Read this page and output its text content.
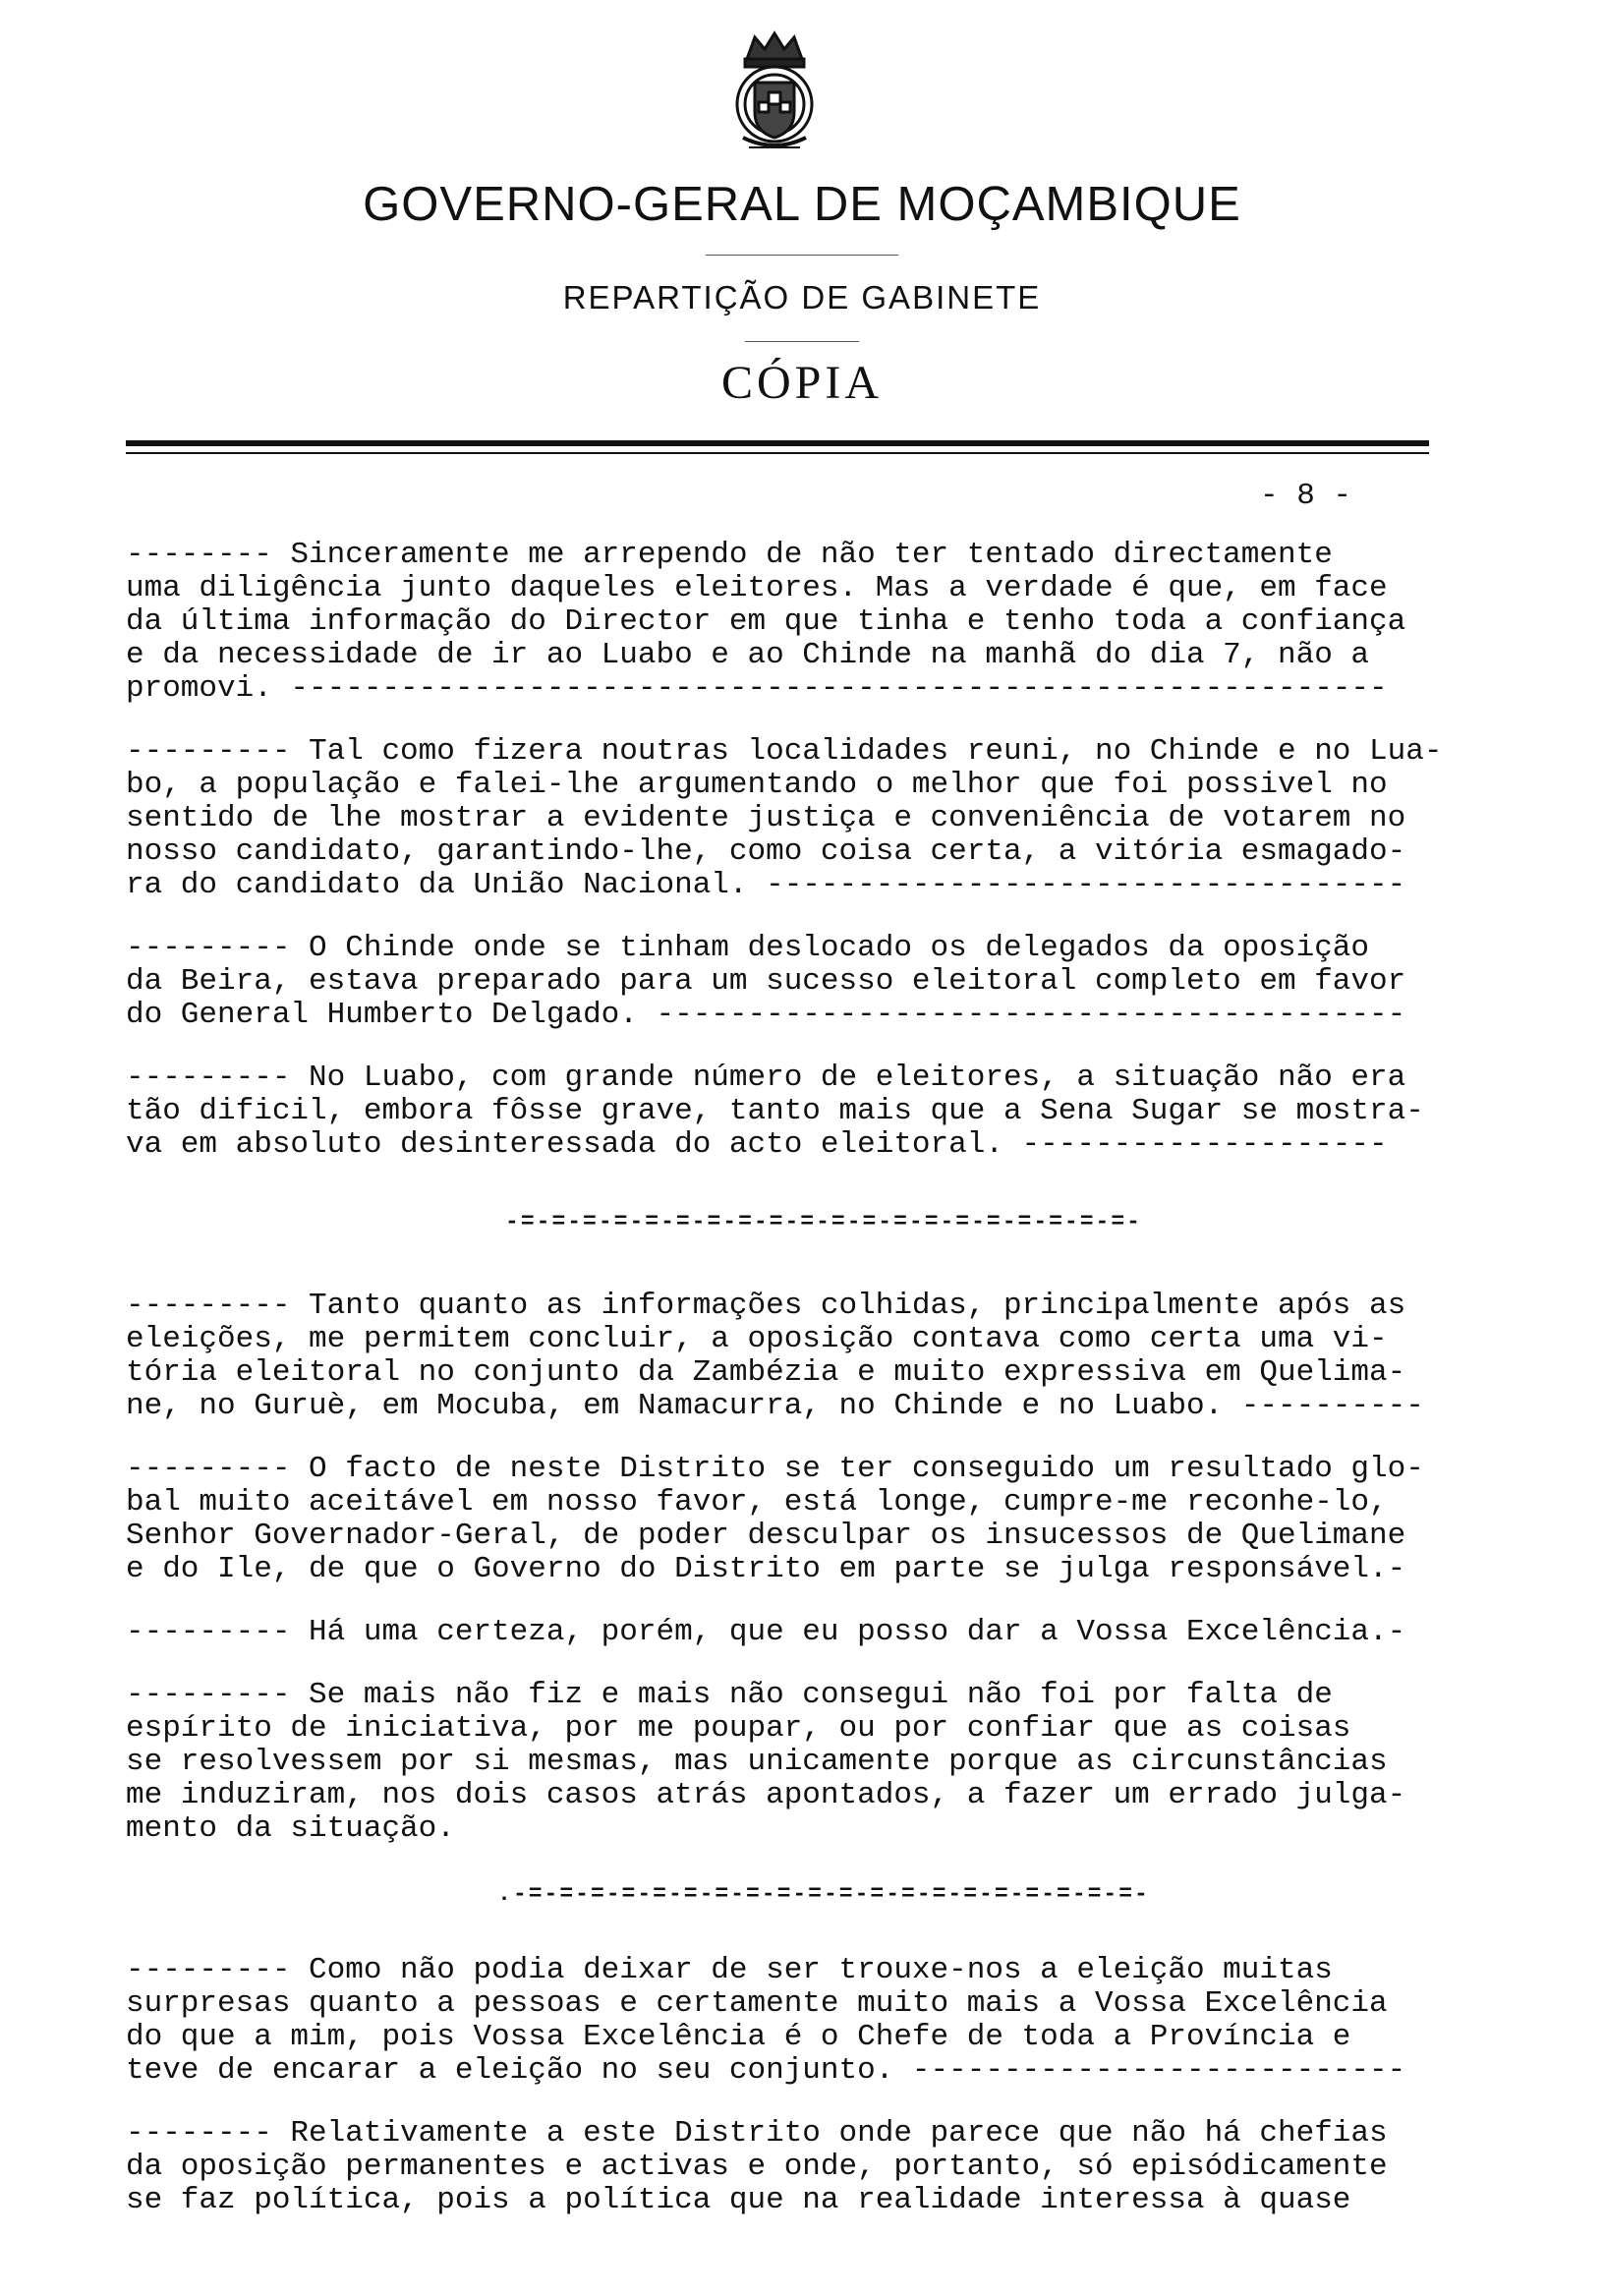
GOVERNO-GERAL DE MOÇAMBIQUE
REPARTIÇÃO DE GABINETE
CÓPIA
- 8 -

-------- Sinceramente me arrependo de não ter tentado directamente
uma diligência junto daqueles eleitores. Mas a verdade é que, em face
da última informação do Director em que tinha e tenho toda a confiança
e da necessidade de ir ao Luabo e ao Chinde na manhã do dia 7, não a
promovi. ------------------------------------------------------------

--------- Tal como fizera noutras localidades reuni, no Chinde e no Lua-
bo, a população e falei-lhe argumentando o melhor que foi possivel no
sentido de lhe mostrar a evidente justiça e conveniência de votarem no
nosso candidato, garantindo-lhe, como coisa certa, a vitória esmagado-
ra do candidato da União Nacional. -----------------------------------

--------- O Chinde onde se tinham deslocado os delegados da oposição
da Beira, estava preparado para um sucesso eleitoral completo em favor
do General Humberto Delgado. -----------------------------------------

--------- No Luabo, com grande número de eleitores, a situação não era
tão dificil, embora fôsse grave, tanto mais que a Sena Sugar se mostra-
va em absoluto desinteressada do acto eleitoral. --------------------

-=-=-=-=-=-=-=-=-=-=-=-=-=-=-=-=-=-=-=-=-

--------- Tanto quanto as informações colhidas, principalmente após as
eleições, me permitem concluir, a oposição contava como certa uma vi-
tória eleitoral no conjunto da Zambézia e muito expressiva em Quelima-
ne, no Guruè, em Mocuba, em Namacurra, no Chinde e no Luabo. ----------

--------- O facto de neste Distrito se ter conseguido um resultado glo-
bal muito aceitável em nosso favor, está longe, cumpre-me reconhe-lo,
Senhor Governador-Geral, de poder desculpar os insucessos de Quelimane
e do Ile, de que o Governo do Distrito em parte se julga responsável.-

--------- Há uma certeza, porém, que eu posso dar a Vossa Excelência.-

--------- Se mais não fiz e mais não consegui não foi por falta de
espírito de iniciativa, por me poupar, ou por confiar que as coisas
se resolvessem por si mesmas, mas unicamente porque as circunstâncias
me induziram, nos dois casos atrás apontados, a fazer um errado julga-
mento da situação.

.-=-=-=-=-=-=-=-=-=-=-=-=-=-=-=-=-=-=-=-=-

--------- Como não podia deixar de ser trouxe-nos a eleição muitas
surpresas quanto a pessoas e certamente muito mais a Vossa Excelência
do que a mim, pois Vossa Excelência é o Chefe de toda a Província e
teve de encarar a eleição no seu conjunto. ---------------------------

-------- Relativamente a este Distrito onde parece que não há chefias
da oposição permanentes e activas e onde, portanto, só episódicamente
se faz política, pois a política que na realidade interessa à quase
